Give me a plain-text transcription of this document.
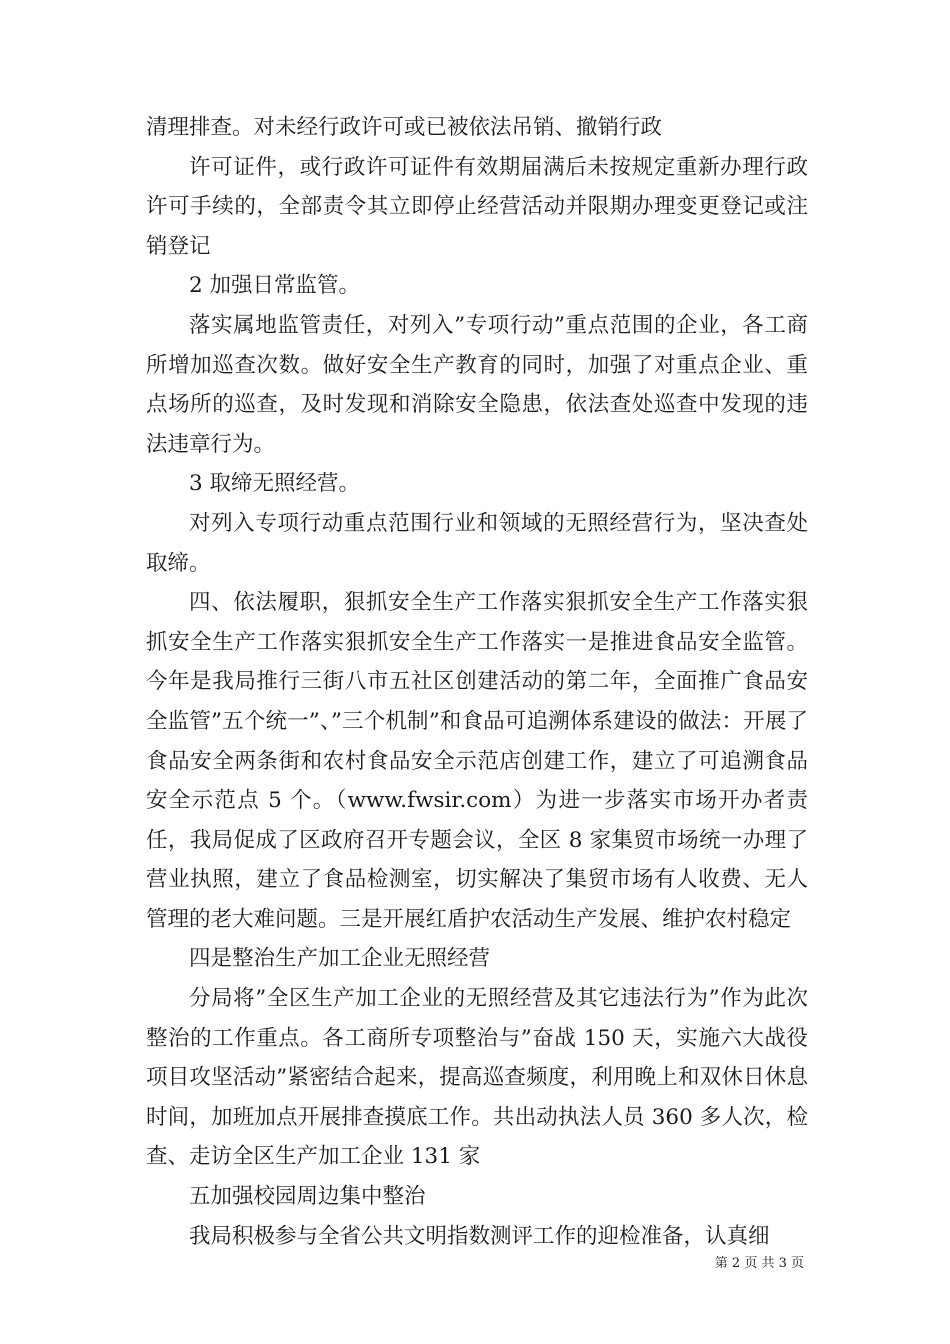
清理排查。对未经行政许可或已被依法吊销、撤销行政

许可证件，或行政许可证件有效期届满后未按规定重新办理行政许可手续的，全部责令其立即停止经营活动并限期办理变更登记或注销登记

2 加强日常监管。

落实属地监管责任，对列入”专项行动”重点范围的企业，各工商所增加巡查次数。做好安全生产教育的同时，加强了对重点企业、重点场所的巡查，及时发现和消除安全隐患，依法查处巡查中发现的违法违章行为。

3 取缔无照经营。

对列入专项行动重点范围行业和领域的无照经营行为，坚决查处取缔。

四、依法履职，狠抓安全生产工作落实狠抓安全生产工作落实狠抓安全生产工作落实狠抓安全生产工作落实一是推进食品安全监管。今年是我局推行三街八市五社区创建活动的第二年，全面推广食品安全监管”五个统一”、”三个机制”和食品可追溯体系建设的做法：开展了食品安全两条街和农村食品安全示范店创建工作，建立了可追溯食品安全示范点 5 个。（www.fwsir.com）为进一步落实市场开办者责任，我局促成了区政府召开专题会议，全区 8 家集贸市场统一办理了营业执照，建立了食品检测室，切实解决了集贸市场有人收费、无人管理的老大难问题。三是开展红盾护农活动生产发展、维护农村稳定

四是整治生产加工企业无照经营

分局将”全区生产加工企业的无照经营及其它违法行为”作为此次整治的工作重点。各工商所专项整治与”奋战 150 天，实施六大战役项目攻坚活动”紧密结合起来，提高巡查频度，利用晚上和双休日休息时间，加班加点开展排查摸底工作。共出动执法人员 360 多人次，检查、走访全区生产加工企业 131 家

五加强校园周边集中整治

我局积极参与全省公共文明指数测评工作的迎检准备，认真细

第 2 页 共 3 页
